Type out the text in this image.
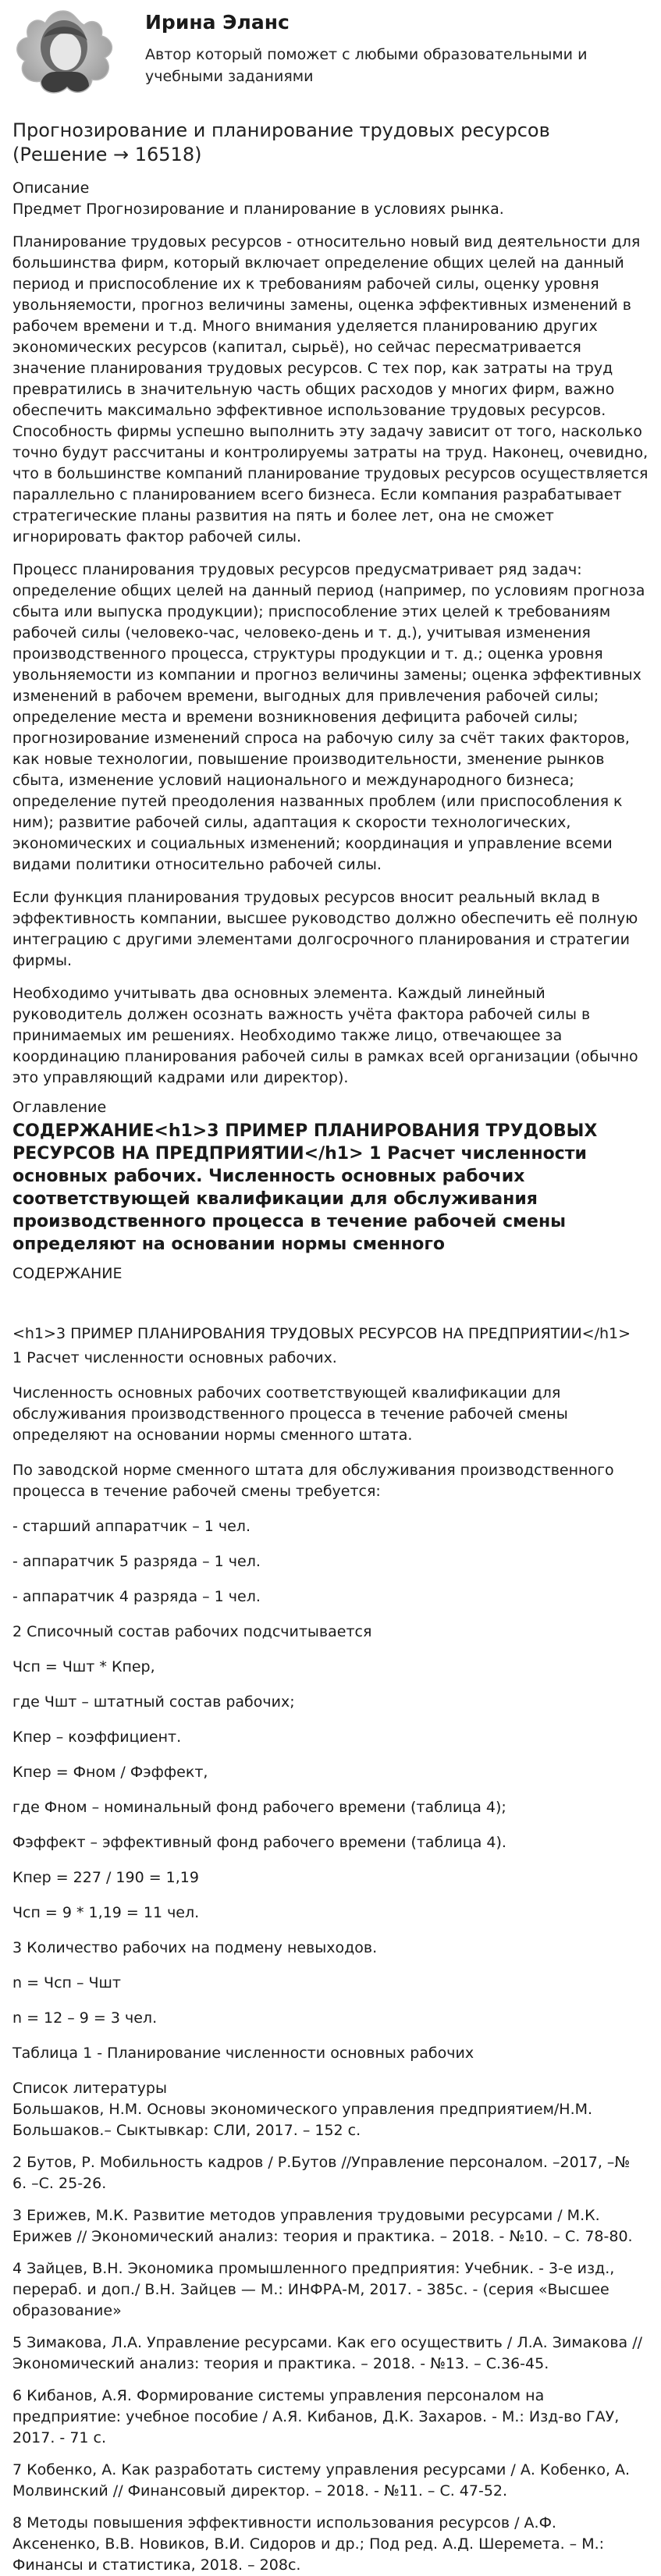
Ирина Эланс
Автор который поможет с любыми образовательными и учебными заданиями
Прогнозирование и планирование трудовых ресурсов (Решение → 16518)
Описание

Предмет Прогнозирование и планирование в условиях рынка.

Планирование трудовых ресурсов - относительно новый вид деятельности для большинства фирм, который включает определение общих целей на данный период и приспособление их к требованиям рабочей силы, оценку уровня увольняемости, прогноз величины замены, оценка эффективных изменений в рабочем времени и т.д. Много внимания уделяется планированию других экономических ресурсов (капитал, сырьё), но сейчас пересматривается значение планирования трудовых ресурсов. С тех пор, как затраты на труд превратились в значительную часть общих расходов у многих фирм, важно обеспечить максимально эффективное использование трудовых ресурсов. Способность фирмы успешно выполнить эту задачу зависит от того, насколько точно будут рассчитаны и контролируемы затраты на труд. Наконец, очевидно, что в большинстве компаний планирование трудовых ресурсов осуществляется параллельно с планированием всего бизнеса. Если компания разрабатывает стратегические планы развития на пять и более лет, она не сможет игнорировать фактор рабочей силы.

Процесс планирования трудовых ресурсов предусматривает ряд задач: определение общих целей на данный период (например, по условиям прогноза сбыта или выпуска продукции); приспособление этих целей к требованиям рабочей силы (человеко-час, человеко-день и т. д.), учитывая изменения производственного процесса, структуры продукции и т. д.; оценка уровня увольняемости из компании и прогноз величины замены; оценка эффективных изменений в рабочем времени, выгодных для привлечения рабочей силы; определение места и времени возникновения дефицита рабочей силы; прогнозирование изменений спроса на рабочую силу за счёт таких факторов, как новые технологии, повышение производительности, зменение рынков сбыта, изменение условий национального и международного бизнеса; определение путей преодоления названных проблем (или приспособления к ним); развитие рабочей силы, адаптация к скорости технологических, экономических и социальных изменений; координация и управление всеми видами политики относительно рабочей силы.

Если функция планирования трудовых ресурсов вносит реальный вклад в эффективность компании, высшее руководство должно обеспечить её полную интеграцию с другими элементами долгосрочного планирования и стратегии фирмы.

Необходимо учитывать два основных элемента. Каждый линейный руководитель должен осознать важность учёта фактора рабочей силы в принимаемых им решениях. Необходимо также лицо, отвечающее за координацию планирования рабочей силы в рамках всей организации (обычно это управляющий кадрами или директор).

Оглавление
СОДЕРЖАНИЕ<h1>3 ПРИМЕР ПЛАНИРОВАНИЯ ТРУДОВЫХ РЕСУРСОВ НА ПРЕДПРИЯТИИ</h1> 1 Расчет численности основных рабочих. Численность основных рабочих соответствующей квалификации для обслуживания производственного процесса в течение рабочей смены определяют на основании нормы сменного
СОДЕРЖАНИЕ

<h1>3 ПРИМЕР ПЛАНИРОВАНИЯ ТРУДОВЫХ РЕСУРСОВ НА ПРЕДПРИЯТИИ</h1>

1 Расчет численности основных рабочих.

Численность основных рабочих соответствующей квалификации для обслуживания производственного процесса в течение рабочей смены определяют на основании нормы сменного штата.

По заводской норме сменного штата для обслуживания производственного процесса в течение рабочей смены требуется:

- старший аппаратчик – 1 чел.

- аппаратчик 5 разряда – 1 чел.

- аппаратчик 4 разряда – 1 чел.

2 Списочный состав рабочих подсчитывается

Чсп = Чшт * Кпер,

где Чшт – штатный состав рабочих;

Кпер – коэффициент.

Кпер = Фном / Фэффект,

где Фном – номинальный фонд рабочего времени (таблица 4);

Фэффект – эффективный фонд рабочего времени (таблица 4).

Кпер = 227 / 190 = 1,19

Чсп = 9 * 1,19 = 11 чел.

3 Количество рабочих на подмену невыходов.

n = Чсп – Чшт

n = 12 – 9 = 3 чел.

Таблица 1 - Планирование численности основных рабочих

Список литературы

Большаков, Н.М. Основы экономического управления предприятием/Н.М. Большаков.– Сыктывкар: СЛИ, 2017. – 152 с.

2 Бутов, Р. Мобильность кадров / Р.Бутов //Управление персоналом. –2017, –№ 6. –С. 25-26.

3 Ерижев, М.К. Развитие методов управления трудовыми ресурсами / М.К. Ерижев // Экономический анализ: теория и практика. – 2018. - №10. – С. 78-80.

4 Зайцев, В.Н. Экономика промышленного предприятия: Учебник. - 3-е изд., перераб. и доп./ В.Н. Зайцев — М.: ИНФРА-М, 2017. - 385с. - (серия «Высшее образование»

5 Зимакова, Л.А. Управление ресурсами. Как его осуществить / Л.А. Зимакова // Экономический анализ: теория и практика. – 2018. - №13. – С.36-45.

6 Кибанов, А.Я. Формирование системы управления персоналом на предприятие: учебное пособие / А.Я. Кибанов, Д.К. Захаров. - М.: Изд-во ГАУ, 2017. - 71 с.

7 Кобенко, А. Как разработать систему управления ресурсами / А. Кобенко, А. Молвинский // Финансовый директор. – 2018. - №11. – С. 47-52.

8 Методы повышения эффективности использования ресурсов / А.Ф. Аксененко, В.В. Новиков, В.И. Сидоров и др.; Под ред. А.Д. Шеремета. – М.: Финансы и статистика, 2018. – 208с.
